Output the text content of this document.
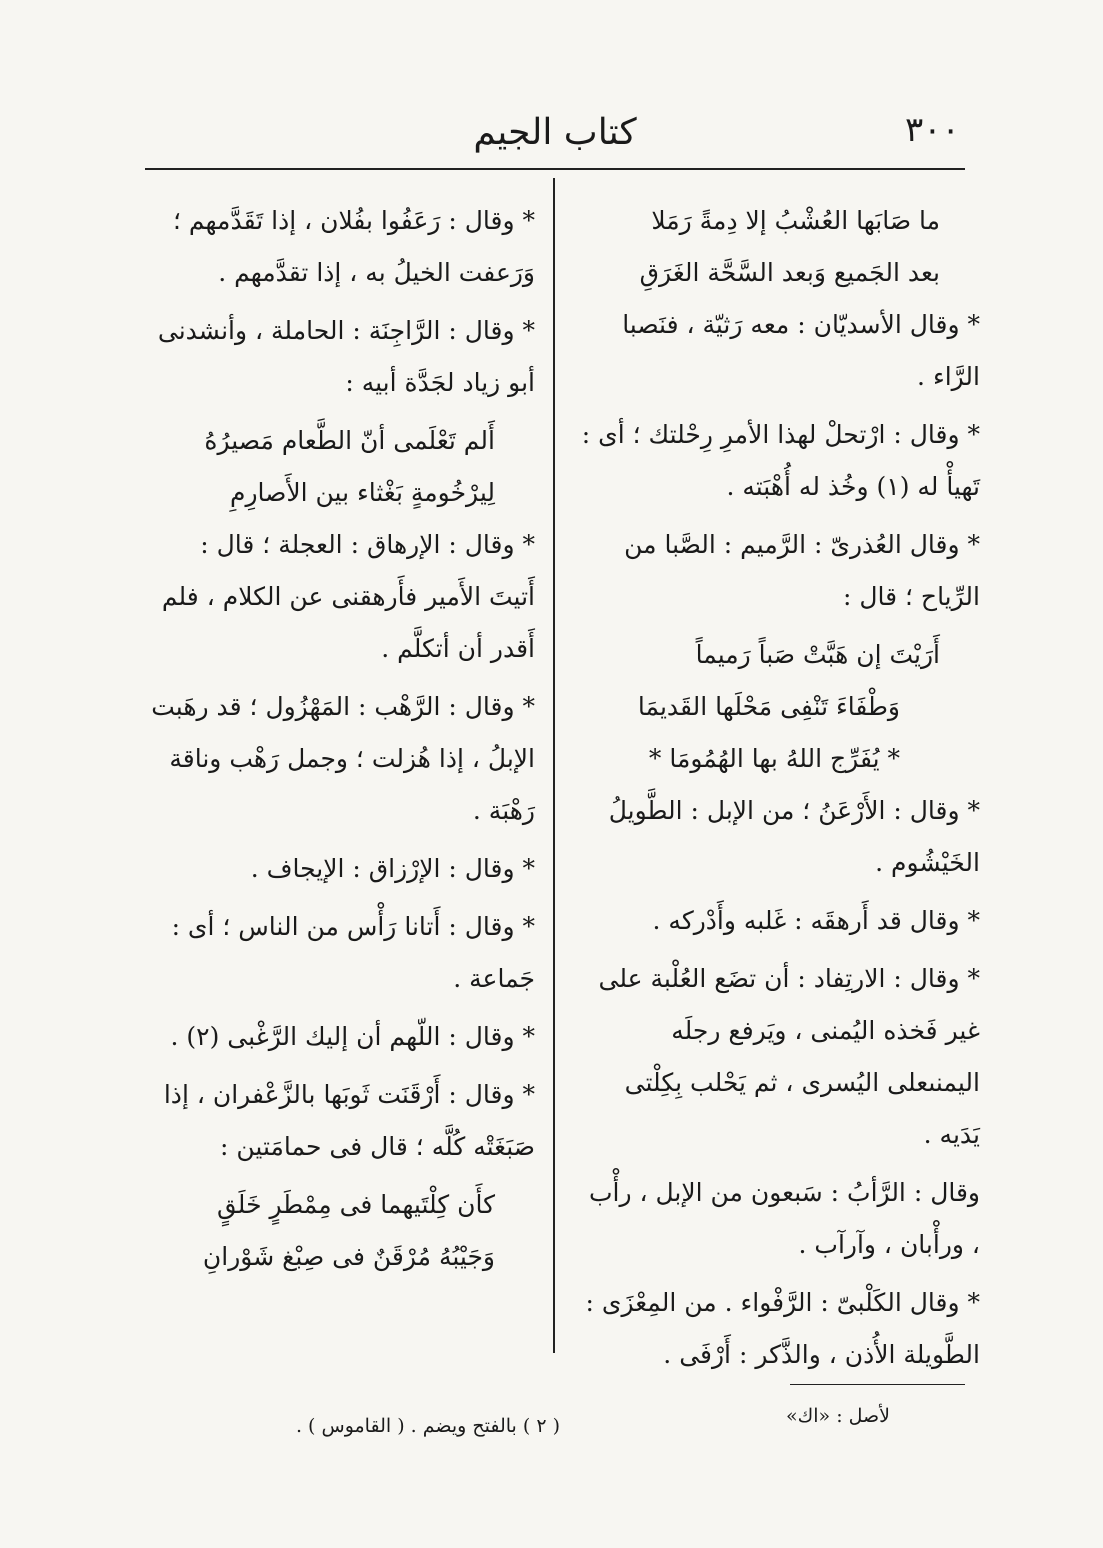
٣٠٠
كتاب الجيم

ما صَابَها العُشْبُ إلا دِمةً رَمَلا

بعد الجَميع وَبعد السَّحَّة الغَرَقِ

* وقال الأسديّان : معه رَثيّة ، فنَصبا الرَّاء .

* وقال : ارْتحلْ لهذا الأمرِ رِحْلتك ؛ أى : تَهيأْ له (١) وخُذ له أُهْبَته .

* وقال العُذرىّ : الرَّميم : الصَّبا من الرِّياح ؛ قال :

أَرَيْتَ إن هَبَّتْ صَباً رَميماً

وَطْفَاءَ تَنْفِى مَحْلَها القَديمَا

* يُفَرِّج اللهُ بها الهُمُومَا *

* وقال : الأَرْعَنُ ؛ من الإبل : الطَّويلُ الخَيْشُوم .

* وقال قد أَرهقَه : غَلبه وأَدْركه .

* وقال : الارتِفاد : أن تضَع العُلْبة على غير فَخذه اليُمنى ، ويَرفع رجلَه اليمنىعلى اليُسرى ، ثم يَحْلب بِكِلْتى يَدَيه .

وقال : الرَّأبُ : سَبعون من الإبل ، رأْب ، ورأْبان ، وآرآب .

* وقال الكَلْبىّ : الرَّفْواء . من المِعْزَى : الطَّويلة الأُذن ، والذَّكر : أَرْفَى .

* وقال : رَعَفُوا بفُلان ، إذا تَقَدَّمهم ؛ وَرَعفت الخيلُ به ، إذا تقدَّمهم .

* وقال : الرَّاجِنَة : الحاملة ، وأنشدنى أبو زياد لجَدَّة أبيه :

أَلم تَعْلَمى أنّ الطَّعام مَصيرُهُ

لِيرْخُومةٍ بَغْثاء بين الأَصارِمِ

* وقال : الإرهاق : العجلة ؛ قال : أَتيتَ الأَمير فأَرهقنى عن الكلام ، فلم أَقدر أن أتكلَّم .

* وقال : الرَّهْب : المَهْزُول ؛ قد رهَبت الإبلُ ، إذا هُزلت ؛ وجمل رَهْب وناقة رَهْبَة .

* وقال : الإرْزاق : الإيجاف .

* وقال : أَتانا رَأْس من الناس ؛ أى : جَماعة .

* وقال : اللّهم أن إليك الرَّغْبى (٢) .

* وقال : أَرْقَنَت ثَوبَها بالزَّعْفران ، إذا صَبَغَتْه كُلَّه ؛ قال فى حمامَتين :

كأَن كِلْتَيهما فى مِمْطَرٍ خَلَقٍ

وَجَيْبُهُ مُرْقَنٌ فى صِبْغ شَوْرانِ

لأصل : «اك»
( ٢ ) بالفتح ويضم . ( القاموس ) .
